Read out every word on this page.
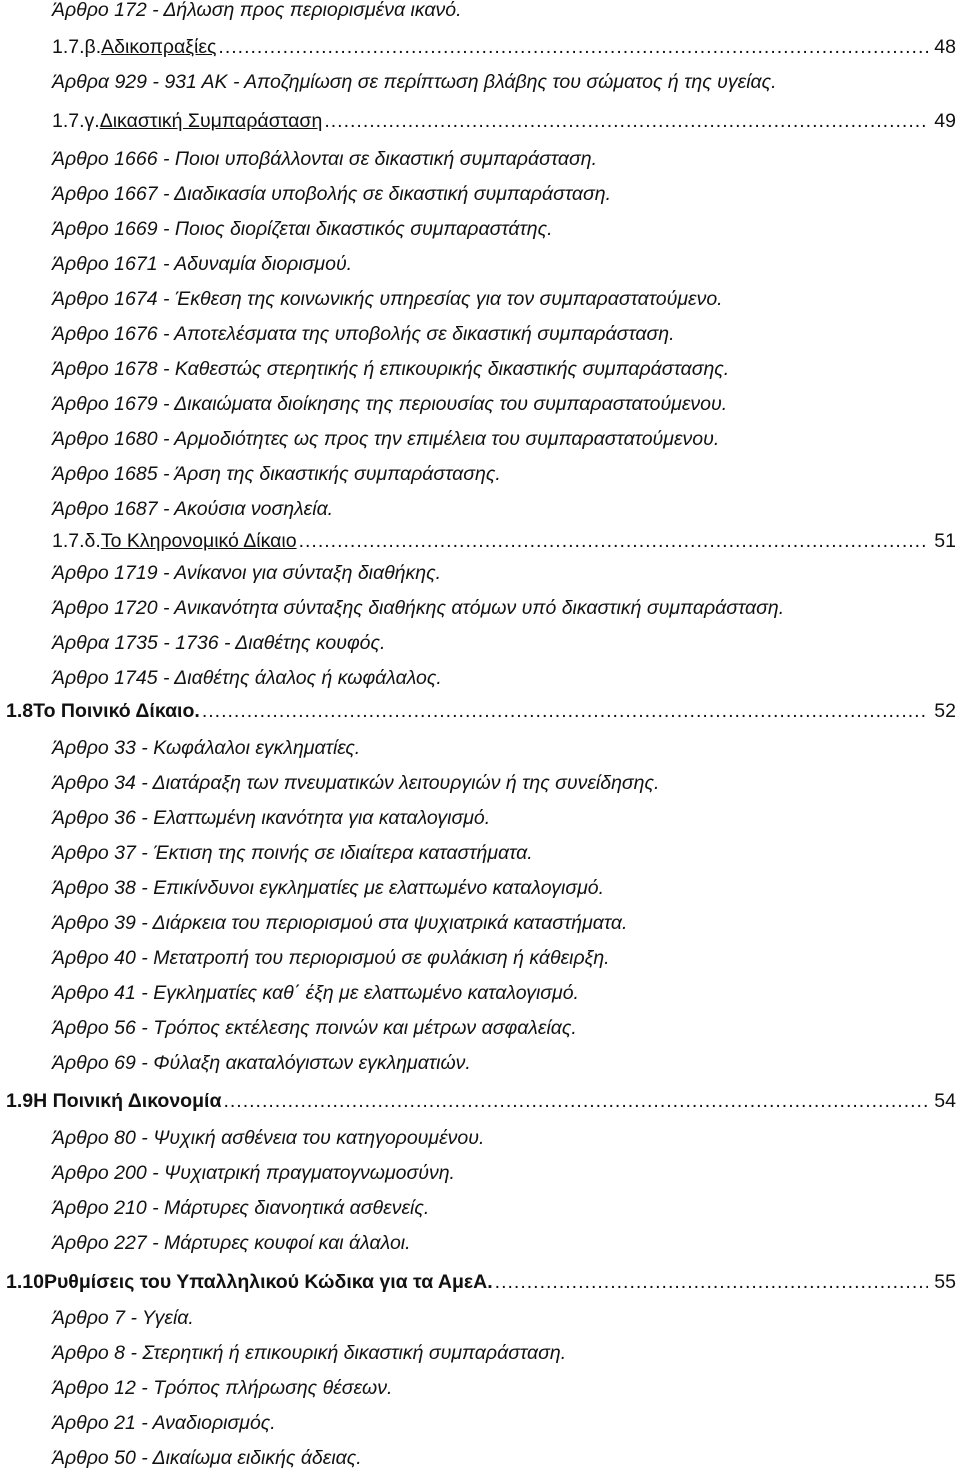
Άρθρο 172 - Δήλωση προς περιορισμένα ικανό.
1.7.β. Αδικοπραξίες .....	48
Άρθρα 929 - 931 ΑΚ - Αποζημίωση σε περίπτωση βλάβης του σώματος ή της υγείας.
1.7.γ. Δικαστική Συμπαράσταση .....	49
Άρθρο 1666 - Ποιοι υποβάλλονται σε δικαστική συμπαράσταση.
Άρθρο 1667 - Διαδικασία υποβολής σε δικαστική συμπαράσταση.
Άρθρο 1669 - Ποιος διορίζεται δικαστικός συμπαραστάτης.
Άρθρο 1671 - Αδυναμία διορισμού.
Άρθρο 1674 - Έκθεση της κοινωνικής υπηρεσίας για τον συμπαραστατούμενο.
Άρθρο 1676 - Αποτελέσματα της υποβολής σε δικαστική συμπαράσταση.
Άρθρο 1678 - Καθεστώς στερητικής ή επικουρικής δικαστικής συμπαράστασης.
Άρθρο 1679 - Δικαιώματα διοίκησης της περιουσίας του συμπαραστατούμενου.
Άρθρο 1680 - Αρμοδιότητες ως προς την επιμέλεια του συμπαραστατούμενου.
Άρθρο 1685 - Άρση της δικαστικής συμπαράστασης.
Άρθρο 1687 - Ακούσια νοσηλεία.
1.7.δ. Το Κληρονομικό Δίκαιο .....	51
Άρθρο 1719 - Ανίκανοι για σύνταξη διαθήκης.
Άρθρο 1720 - Ανικανότητα σύνταξης διαθήκης ατόμων υπό δικαστική συμπαράσταση.
Άρθρα 1735 - 1736 - Διαθέτης κουφός.
Άρθρο 1745 - Διαθέτης άλαλος ή κωφάλαλος.
1.8 Το Ποινικό Δίκαιο. .....	52
Άρθρο 33 - Κωφάλαλοι εγκληματίες.
Άρθρο 34 - Διατάραξη των πνευματικών λειτουργιών ή της συνείδησης.
Άρθρο 36 - Ελαττωμένη ικανότητα για καταλογισμό.
Άρθρο 37 - Έκτιση της ποινής σε ιδιαίτερα καταστήματα.
Άρθρο 38 - Επικίνδυνοι εγκληματίες με ελαττωμένο καταλογισμό.
Άρθρο 39 - Διάρκεια του περιορισμού στα ψυχιατρικά καταστήματα.
Άρθρο 40 - Μετατροπή του περιορισμού σε φυλάκιση ή κάθειρξη.
Άρθρο 41 - Εγκληματίες καθ΄ έξη με ελαττωμένο καταλογισμό.
Άρθρο 56 - Τρόπος εκτέλεσης ποινών και μέτρων ασφαλείας.
Άρθρο 69 - Φύλαξη ακαταλόγιστων εγκληματιών.
1.9 Η Ποινική Δικονομία .....	54
Άρθρο 80 - Ψυχική ασθένεια του κατηγορουμένου.
Άρθρο 200 - Ψυχιατρική πραγματογνωμοσύνη.
Άρθρο 210 - Μάρτυρες διανοητικά ασθενείς.
Άρθρο 227 - Μάρτυρες κουφοί και άλαλοι.
1.10 Ρυθμίσεις του Υπαλληλικού Κώδικα για τα ΑμεΑ. .....	55
Άρθρο 7 - Υγεία.
Άρθρο 8 - Στερητική ή επικουρική δικαστική συμπαράσταση.
Άρθρο 12 - Τρόπος πλήρωσης θέσεων.
Άρθρο 21 - Αναδιορισμός.
Άρθρο 50 - Δικαίωμα ειδικής άδειας.
